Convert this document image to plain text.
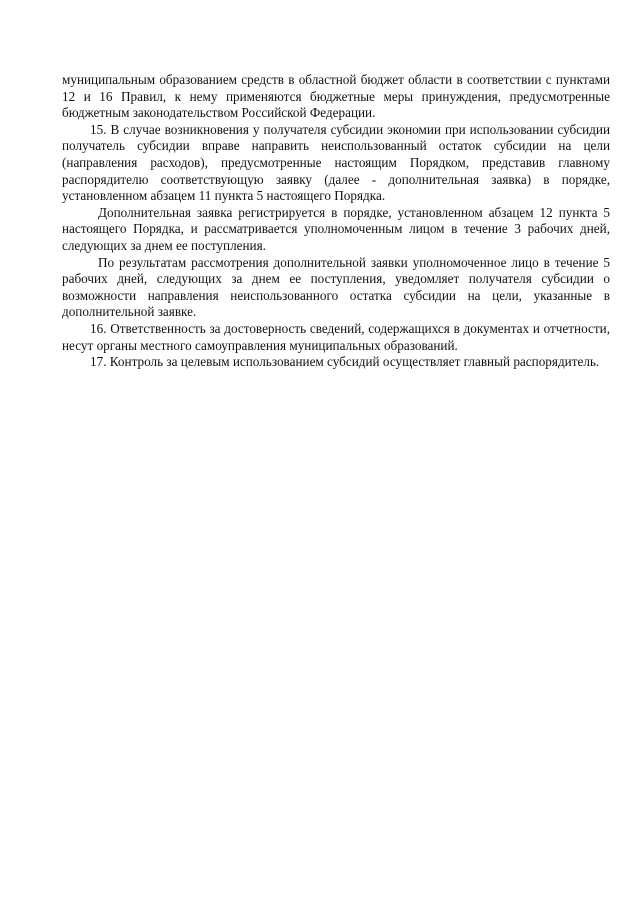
муниципальным образованием средств в областной бюджет области в соответствии с пунктами 12 и 16 Правил, к нему применяются бюджетные меры принуждения, предусмотренные бюджетным законодательством Российской Федерации.

15. В случае возникновения у получателя субсидии экономии при использовании субсидии получатель субсидии вправе направить неиспользованный остаток субсидии на цели (направления расходов), предусмотренные настоящим Порядком, представив главному распорядителю соответствующую заявку (далее - дополнительная заявка) в порядке, установленном абзацем 11 пункта 5 настоящего Порядка.

Дополнительная заявка регистрируется в порядке, установленном абзацем 12 пункта 5 настоящего Порядка, и рассматривается уполномоченным лицом в течение 3 рабочих дней, следующих за днем ее поступления.

По результатам рассмотрения дополнительной заявки уполномоченное лицо в течение 5 рабочих дней, следующих за днем ее поступления, уведомляет получателя субсидии о возможности направления неиспользованного остатка субсидии на цели, указанные в дополнительной заявке.

16. Ответственность за достоверность сведений, содержащихся в документах и отчетности, несут органы местного самоуправления муниципальных образований.

17. Контроль за целевым использованием субсидий осуществляет главный распорядитель.
